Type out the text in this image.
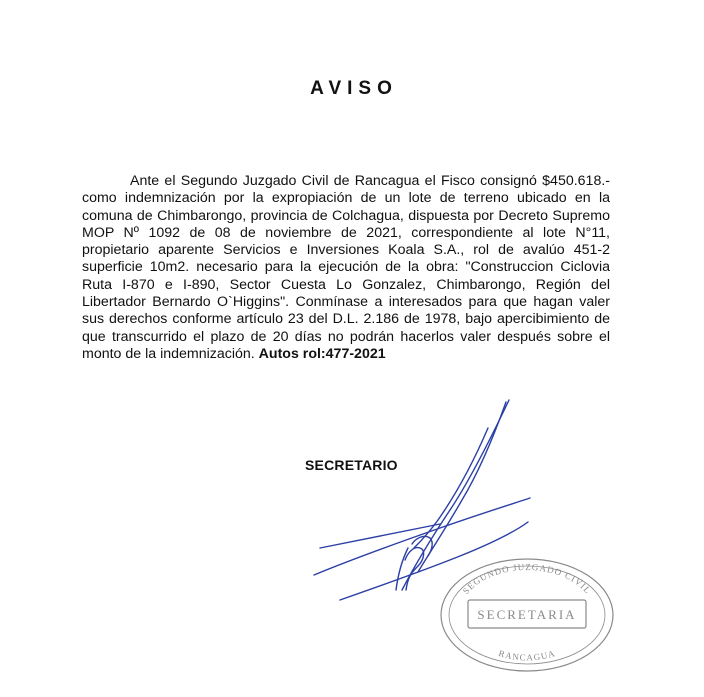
AVISO
Ante el Segundo Juzgado Civil de Rancagua el Fisco consignó $450.618.- como indemnización por la expropiación de un lote de terreno ubicado en la comuna de Chimbarongo, provincia de Colchagua, dispuesta por Decreto Supremo MOP Nº 1092 de 08 de noviembre de 2021, correspondiente al lote N°11, propietario aparente Servicios e Inversiones Koala S.A., rol de avalúo 451-2 superficie 10m2. necesario para la ejecución de la obra: "Construccion Ciclovia Ruta I-870 e I-890, Sector Cuesta Lo Gonzalez, Chimbarongo, Región del Libertador Bernardo O`Higgins". Conmínase a interesados para que hagan valer sus derechos conforme artículo 23 del D.L. 2.186 de 1978, bajo apercibimiento de que transcurrido el plazo de 20 días no podrán hacerlos valer después sobre el monto de la indemnización. Autos rol:477-2021
SECRETARIO
SEGUNDO JUZGADO CIVIL
SECRETARIA
RANCAGUA
